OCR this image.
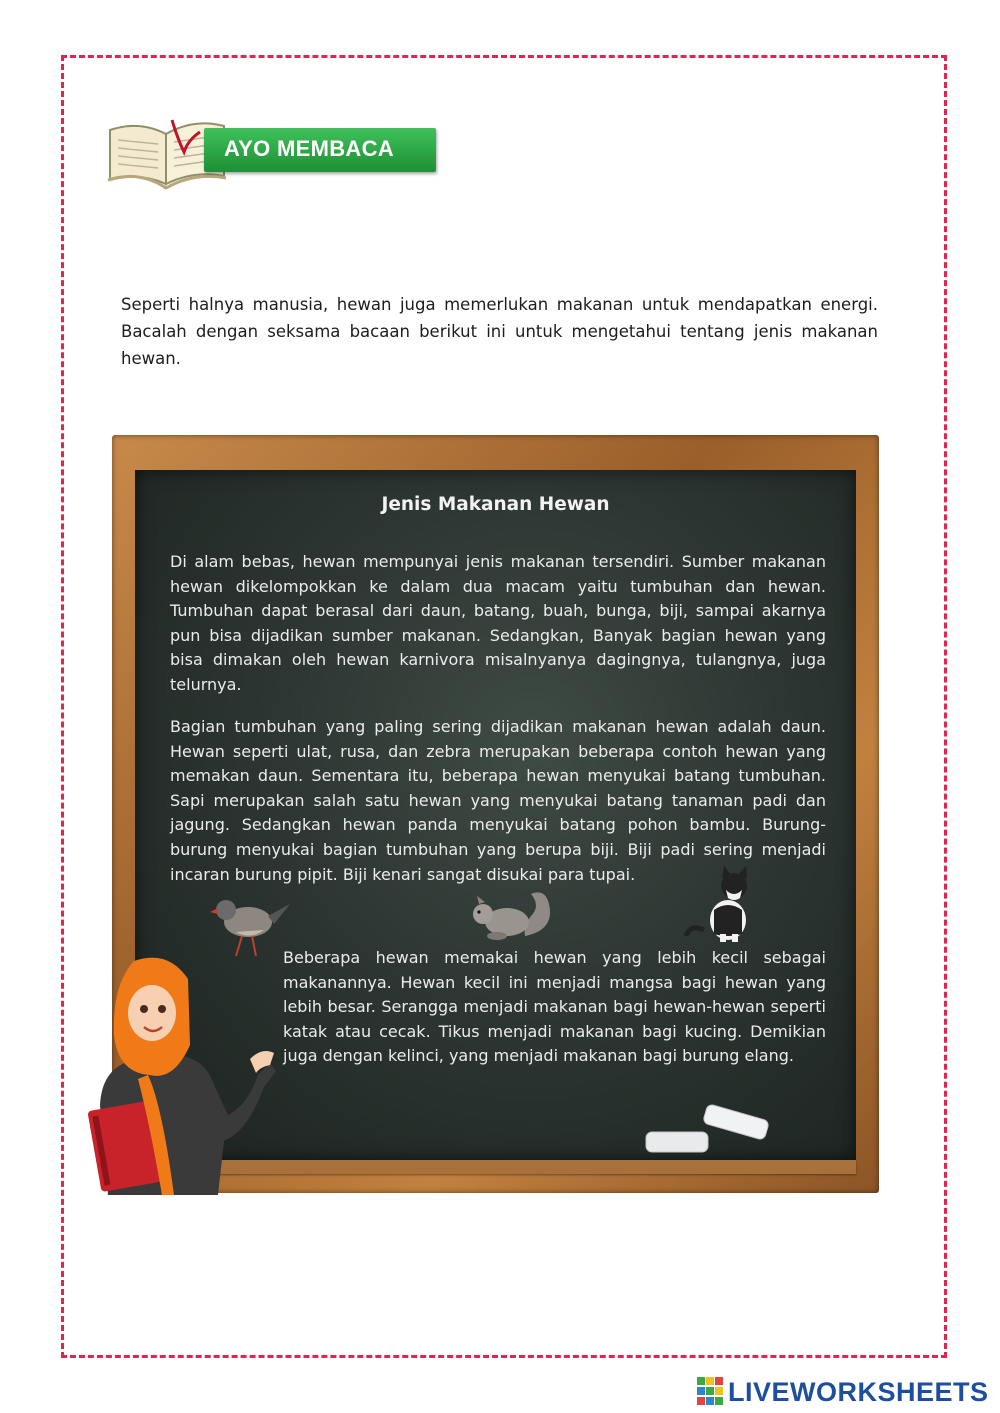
AYO MEMBACA

Seperti halnya manusia, hewan juga memerlukan makanan untuk mendapatkan energi. Bacalah dengan seksama bacaan berikut ini untuk mengetahui tentang jenis makanan hewan.

Jenis Makanan Hewan

Di alam bebas, hewan mempunyai jenis makanan tersendiri. Sumber makanan hewan dikelompokkan ke dalam dua macam yaitu tumbuhan dan hewan. Tumbuhan dapat berasal dari daun, batang, buah, bunga, biji, sampai akarnya pun bisa dijadikan sumber makanan. Sedangkan, Banyak bagian hewan yang bisa dimakan oleh hewan karnivora misalnyanya dagingnya, tulangnya, juga telurnya.

Bagian tumbuhan yang paling sering dijadikan makanan hewan adalah daun. Hewan seperti ulat, rusa, dan zebra merupakan beberapa contoh hewan yang memakan daun. Sementara itu, beberapa hewan menyukai batang tumbuhan. Sapi merupakan salah satu hewan yang menyukai batang tanaman padi dan jagung. Sedangkan hewan panda menyukai batang pohon bambu. Burung-burung menyukai bagian tumbuhan yang berupa biji. Biji padi sering menjadi incaran burung pipit. Biji kenari sangat disukai para tupai.

Beberapa hewan memakai hewan yang lebih kecil sebagai makanannya. Hewan kecil ini menjadi mangsa bagi hewan yang lebih besar. Serangga menjadi makanan bagi hewan-hewan seperti katak atau cecak. Tikus menjadi makanan bagi kucing. Demikian juga dengan kelinci, yang menjadi makanan bagi burung elang.

LIVEWORKSHEETS
